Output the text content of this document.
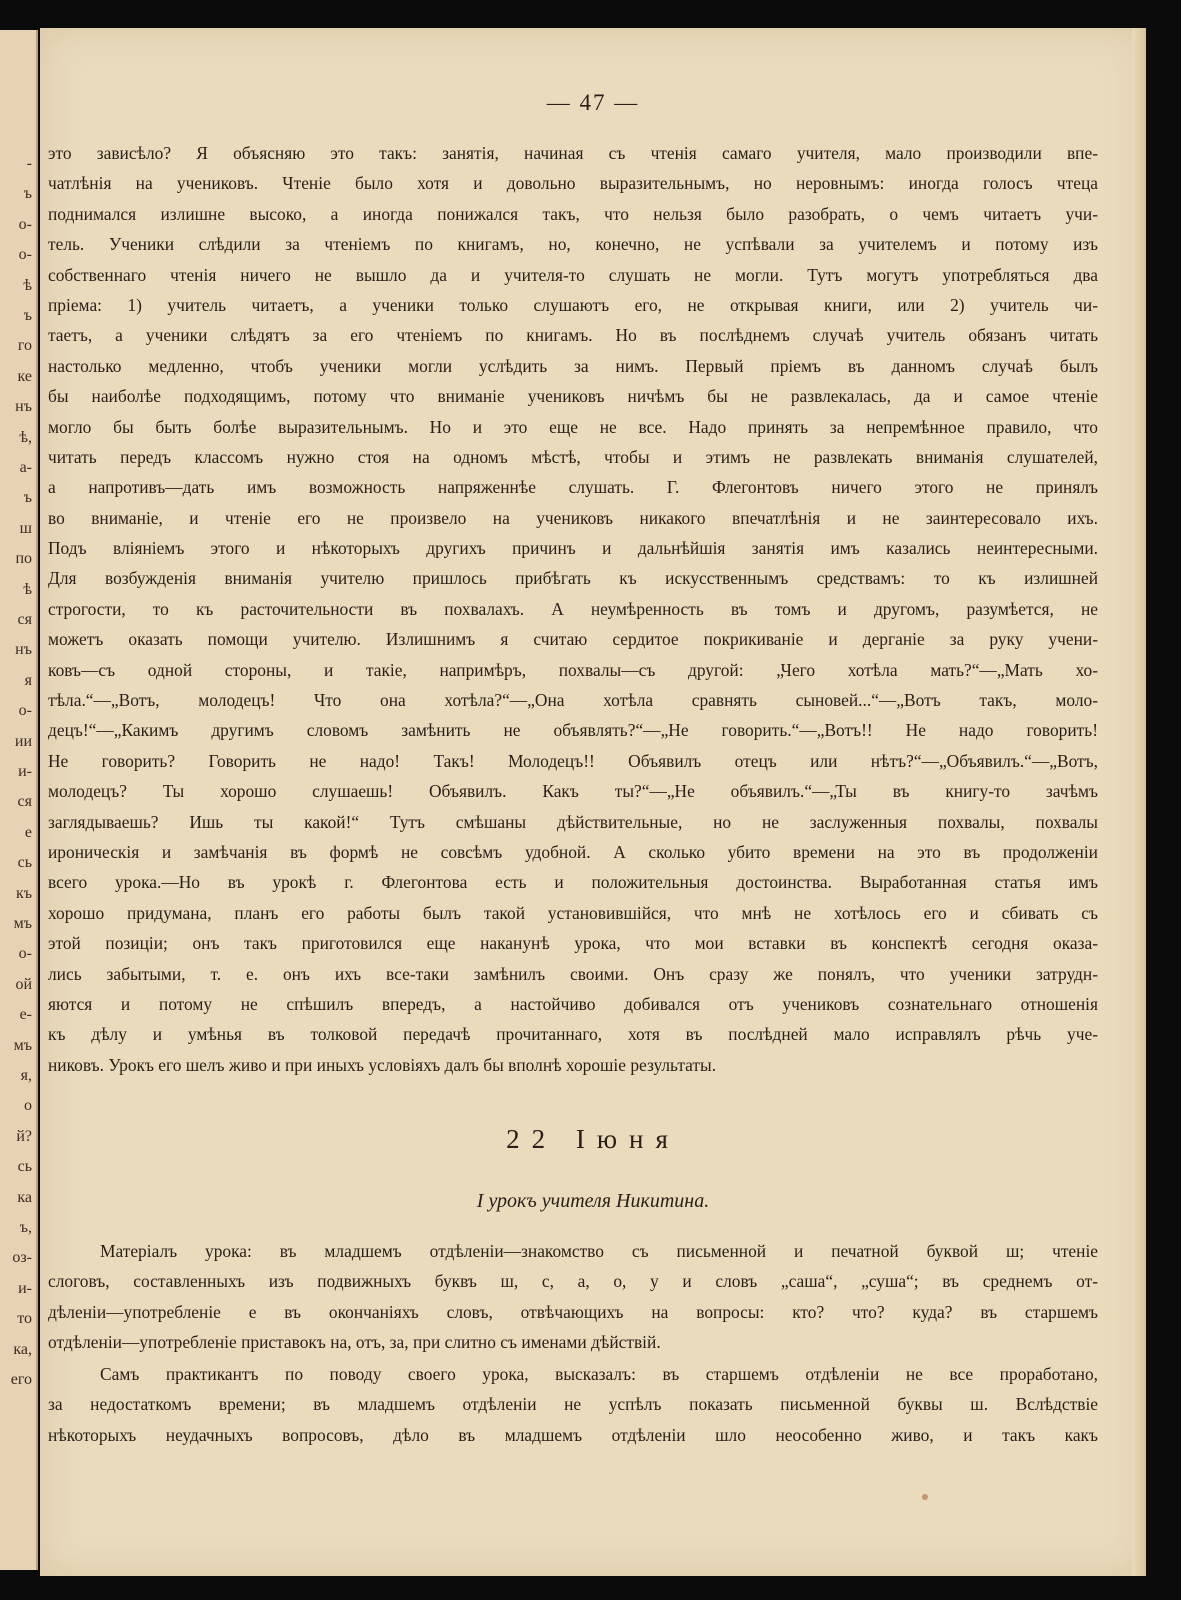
-
ъ
о-
о-
ѣ
ъ
го
ке
нъ
ѣ,
а-
ъ
ш
по
ѣ
ся
нъ
я
о-
ии
и-
ся
е
сь
къ
мъ
о-
ой
е-
мъ
я,
о
й?
сь
ка
ъ,
оз-
и-
то
ка,
его
— 47 —
это зависѣло? Я объясняю это такъ: занятія, начиная съ чтенія самаго учителя, мало производили впе-
чатлѣнія на учениковъ. Чтеніе было хотя и довольно выразительнымъ, но неровнымъ: иногда голосъ чтеца
поднимался излишне высоко, а иногда понижался такъ, что нельзя было разобрать, о чемъ читаетъ учи-
тель. Ученики слѣдили за чтеніемъ по книгамъ, но, конечно, не успѣвали за учителемъ и потому изъ
собственнаго чтенія ничего не вышло да и учителя-то слушать не могли. Тутъ могутъ употребляться два
пріема: 1) учитель читаетъ, а ученики только слушаютъ его, не открывая книги, или 2) учитель чи-
таетъ, а ученики слѣдятъ за его чтеніемъ по книгамъ. Но въ послѣднемъ случаѣ учитель обязанъ читать
настолько медленно, чтобъ ученики могли услѣдить за нимъ. Первый пріемъ въ данномъ случаѣ былъ
бы наиболѣе подходящимъ, потому что вниманіе учениковъ ничѣмъ бы не развлекалась, да и самое чтеніе
могло бы быть болѣе выразительнымъ. Но и это еще не все. Надо принять за непремѣнное правило, что
читать передъ классомъ нужно стоя на одномъ мѣстѣ, чтобы и этимъ не развлекать вниманія слушателей,
а напротивъ—дать имъ возможность напряженнѣе слушать. Г. Флегонтовъ ничего этого не принялъ
во вниманіе, и чтеніе его не произвело на учениковъ никакого впечатлѣнія и не заинтересовало ихъ.
Подъ вліяніемъ этого и нѣкоторыхъ другихъ причинъ и дальнѣйшія занятія имъ казались неинтересными.
Для возбужденія вниманія учителю пришлось прибѣгать къ искусственнымъ средствамъ: то къ излишней
строгости, то къ расточительности въ похвалахъ. А неумѣренность въ томъ и другомъ, разумѣется, не
можетъ оказать помощи учителю. Излишнимъ я считаю сердитое покрикиваніе и дерганіе за руку учени-
ковъ—съ одной стороны, и такіе, напримѣръ, похвалы—съ другой: „Чего хотѣла мать?“—„Мать хо-
тѣла.“—„Вотъ, молодецъ! Что она хотѣла?“—„Она хотѣла сравнять сыновей...“—„Вотъ такъ, моло-
децъ!“—„Какимъ другимъ словомъ замѣнить не объявлять?“—„Не говорить.“—„Вотъ!! Не надо говорить!
Не говорить? Говорить не надо! Такъ! Молодецъ!! Объявилъ отецъ или нѣтъ?“—„Объявилъ.“—„Вотъ,
молодецъ? Ты хорошо слушаешь! Объявилъ. Какъ ты?“—„Не объявилъ.“—„Ты въ книгу-то зачѣмъ
заглядываешь? Ишь ты какой!“ Тутъ смѣшаны дѣйствительные, но не заслуженныя похвалы, похвалы
ироническія и замѣчанія въ формѣ не совсѣмъ удобной. А сколько убито времени на это въ продолженіи
всего урока.—Но въ урокѣ г. Флегонтова есть и положительныя достоинства. Выработанная статья имъ
хорошо придумана, планъ его работы былъ такой установившійся, что мнѣ не хотѣлось его и сбивать съ
этой позиціи; онъ такъ приготовился еще наканунѣ урока, что мои вставки въ конспектѣ сегодня оказа-
лись забытыми, т. е. онъ ихъ все-таки замѣнилъ своими. Онъ сразу же понялъ, что ученики затрудн-
яются и потому не спѣшилъ впередъ, а настойчиво добивался отъ учениковъ сознательнаго отношенія
къ дѣлу и умѣнья въ толковой передачѣ прочитаннаго, хотя въ послѣдней мало исправлялъ рѣчь уче-
никовъ. Урокъ его шелъ живо и при иныхъ условіяхъ далъ бы вполнѣ хорошіе результаты.
22 Іюня
I урокъ учителя Никитина.
Матеріалъ урока: въ младшемъ отдѣленіи—знакомство съ письменной и печатной буквой ш; чтеніе
слоговъ, составленныхъ изъ подвижныхъ буквъ ш, с, а, о, у и словъ „саша“, „суша“; въ среднемъ от-
дѣленіи—употребленіе е въ окончаніяхъ словъ, отвѣчающихъ на вопросы: кто? что? куда? въ старшемъ
отдѣленіи—употребленіе приставокъ на, отъ, за, при слитно съ именами дѣйствій.
Самъ практикантъ по поводу своего урока, высказалъ: въ старшемъ отдѣленіи не все проработано,
за недостаткомъ времени; въ младшемъ отдѣленіи не успѣлъ показать письменной буквы ш. Вслѣдствіе
нѣкоторыхъ неудачныхъ вопросовъ, дѣло въ младшемъ отдѣленіи шло неособенно живо, и такъ какъ
